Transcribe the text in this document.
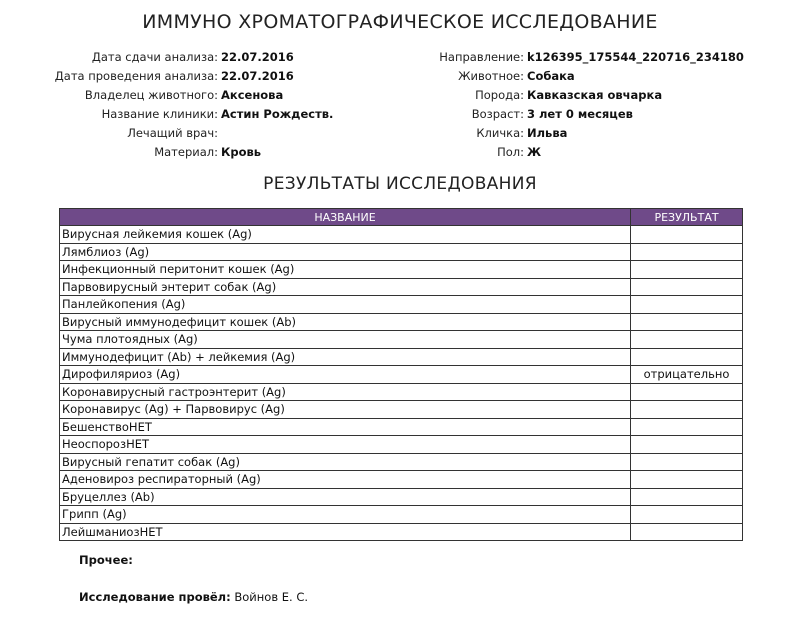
ИММУНО ХРОМАТОГРАФИЧЕСКОЕ ИССЛЕДОВАНИЕ
Дата сдачи анализа: 22.07.2016
Дата проведения анализа: 22.07.2016
Владелец животного: Аксенова
Название клиники: Астин Рождеств.
Лечащий врач:
Материал: Кровь
Направление: k126395_175544_220716_234180
Животное: Собака
Порода: Кавказская овчарка
Возраст: 3 лет 0 месяцев
Кличка: Ильва
Пол: Ж
РЕЗУЛЬТАТЫ ИССЛЕДОВАНИЯ
НАЗВАНИЕ	РЕЗУЛЬТАТ
Вирусная лейкемия кошек (Ag)	
Лямблиоз (Ag)	
Инфекционный перитонит кошек (Ag)	
Парвовирусный энтерит собак (Ag)	
Панлейкопения (Ag)	
Вирусный иммунодефицит кошек (Ab)	
Чума плотоядных (Ag)	
Иммунодефицит (Ab) + лейкемия (Ag)	
Дирофиляриоз (Ag)	отрицательно
Коронавирусный гастроэнтерит (Ag)	
Коронавирус (Ag) + Парвовирус (Ag)	
БешенствоНЕТ	
НеоспорозНЕТ	
Вирусный гепатит собак (Ag)	
Аденовироз респираторный (Ag)	
Бруцеллез (Ab)	
Грипп (Ag)	
ЛейшманиозНЕТ	
Прочее:
Исследование провёл: Войнов Е. С.
